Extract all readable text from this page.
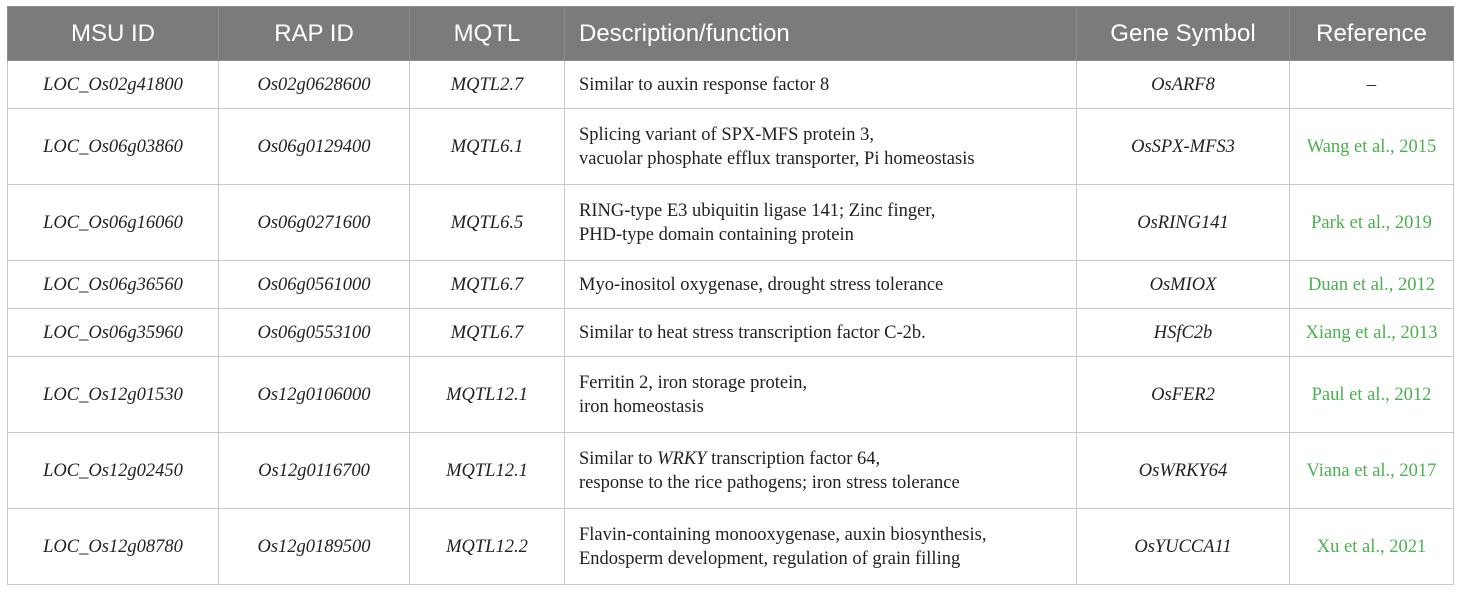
MSU ID	RAP ID	MQTL	Description/function	Gene Symbol	Reference
LOC_Os02g41800	Os02g0628600	MQTL2.7	Similar to auxin response factor 8	OsARF8	–
LOC_Os06g03860	Os06g0129400	MQTL6.1	Splicing variant of SPX-MFS protein 3,
vacuolar phosphate efflux transporter, Pi homeostasis	OsSPX-MFS3	Wang et al., 2015
LOC_Os06g16060	Os06g0271600	MQTL6.5	RING-type E3 ubiquitin ligase 141; Zinc finger,
PHD-type domain containing protein	OsRING141	Park et al., 2019
LOC_Os06g36560	Os06g0561000	MQTL6.7	Myo-inositol oxygenase, drought stress tolerance	OsMIOX	Duan et al., 2012
LOC_Os06g35960	Os06g0553100	MQTL6.7	Similar to heat stress transcription factor C-2b.	HSfC2b	Xiang et al., 2013
LOC_Os12g01530	Os12g0106000	MQTL12.1	Ferritin 2, iron storage protein,
iron homeostasis	OsFER2	Paul et al., 2012
LOC_Os12g02450	Os12g0116700	MQTL12.1	Similar to WRKY transcription factor 64,
response to the rice pathogens; iron stress tolerance	OsWRKY64	Viana et al., 2017
LOC_Os12g08780	Os12g0189500	MQTL12.2	Flavin-containing monooxygenase, auxin biosynthesis,
Endosperm development, regulation of grain filling	OsYUCCA11	Xu et al., 2021
